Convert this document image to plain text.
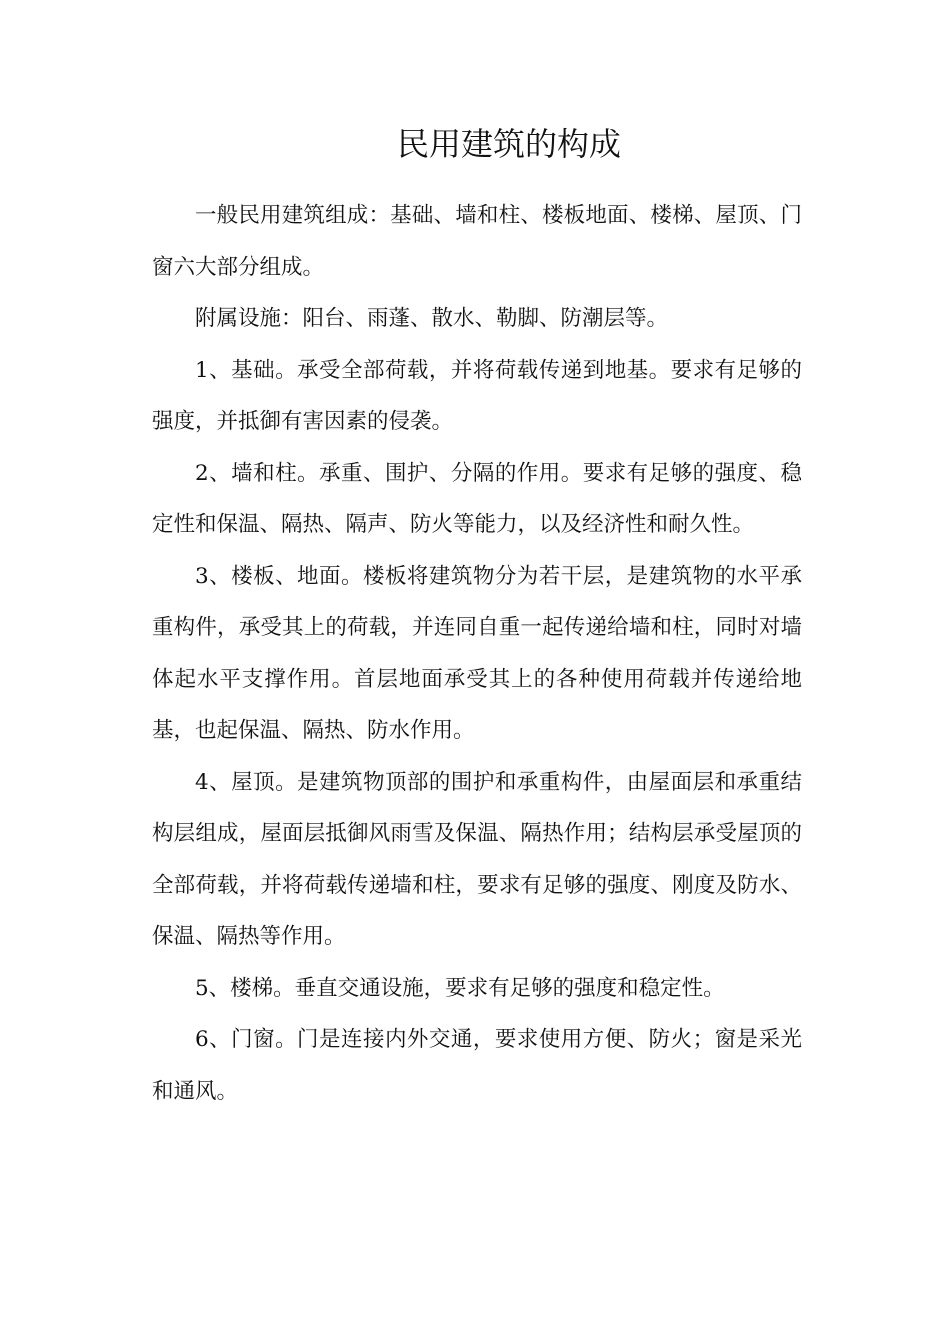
民用建筑的构成

一般民用建筑组成：基础、墙和柱、楼板地面、楼梯、屋顶、门窗六大部分组成。

附属设施：阳台、雨蓬、散水、勒脚、防潮层等。

1、基础。承受全部荷载，并将荷载传递到地基。要求有足够的强度，并抵御有害因素的侵袭。

2、墙和柱。承重、围护、分隔的作用。要求有足够的强度、稳定性和保温、隔热、隔声、防火等能力，以及经济性和耐久性。

3、楼板、地面。楼板将建筑物分为若干层，是建筑物的水平承重构件，承受其上的荷载，并连同自重一起传递给墙和柱，同时对墙体起水平支撑作用。首层地面承受其上的各种使用荷载并传递给地基，也起保温、隔热、防水作用。

4、屋顶。是建筑物顶部的围护和承重构件，由屋面层和承重结构层组成，屋面层抵御风雨雪及保温、隔热作用；结构层承受屋顶的全部荷载，并将荷载传递墙和柱，要求有足够的强度、刚度及防水、保温、隔热等作用。

5、楼梯。垂直交通设施，要求有足够的强度和稳定性。

6、门窗。门是连接内外交通，要求使用方便、防火；窗是采光和通风。
